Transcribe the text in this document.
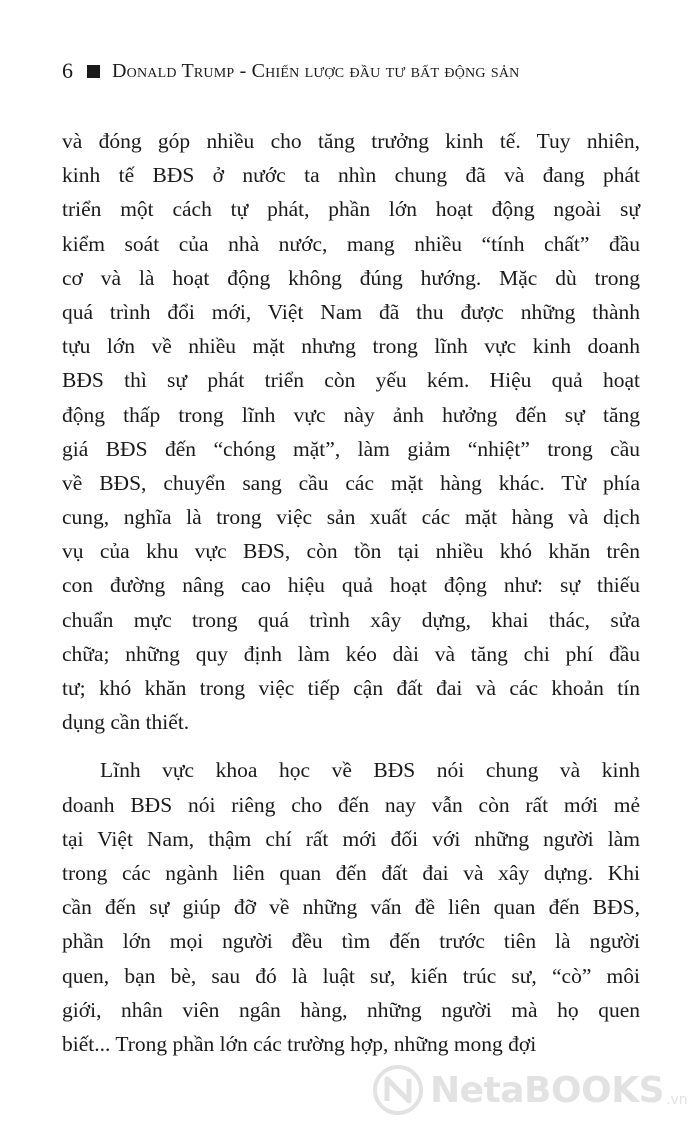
6 Donald Trump - Chiến lược đầu tư bất động sản

và đóng góp nhiều cho tăng trưởng kinh tế. Tuy nhiên,
kinh tế BĐS ở nước ta nhìn chung đã và đang phát
triển một cách tự phát, phần lớn hoạt động ngoài sự
kiểm soát của nhà nước, mang nhiều “tính chất” đầu
cơ và là hoạt động không đúng hướng. Mặc dù trong
quá trình đổi mới, Việt Nam đã thu được những thành
tựu lớn về nhiều mặt nhưng trong lĩnh vực kinh doanh
BĐS thì sự phát triển còn yếu kém. Hiệu quả hoạt
động thấp trong lĩnh vực này ảnh hưởng đến sự tăng
giá BĐS đến “chóng mặt”, làm giảm “nhiệt” trong cầu
về BĐS, chuyển sang cầu các mặt hàng khác. Từ phía
cung, nghĩa là trong việc sản xuất các mặt hàng và dịch
vụ của khu vực BĐS, còn tồn tại nhiều khó khăn trên
con đường nâng cao hiệu quả hoạt động như: sự thiếu
chuẩn mực trong quá trình xây dựng, khai thác, sửa
chữa; những quy định làm kéo dài và tăng chi phí đầu
tư; khó khăn trong việc tiếp cận đất đai và các khoản tín
dụng cần thiết.

Lĩnh vực khoa học về BĐS nói chung và kinh
doanh BĐS nói riêng cho đến nay vẫn còn rất mới mẻ
tại Việt Nam, thậm chí rất mới đối với những người làm
trong các ngành liên quan đến đất đai và xây dựng. Khi
cần đến sự giúp đỡ về những vấn đề liên quan đến BĐS,
phần lớn mọi người đều tìm đến trước tiên là người
quen, bạn bè, sau đó là luật sư, kiến trúc sư, “cò” môi
giới, nhân viên ngân hàng, những người mà họ quen
biết... Trong phần lớn các trường hợp, những mong đợi

NetaBOOKS .vn
